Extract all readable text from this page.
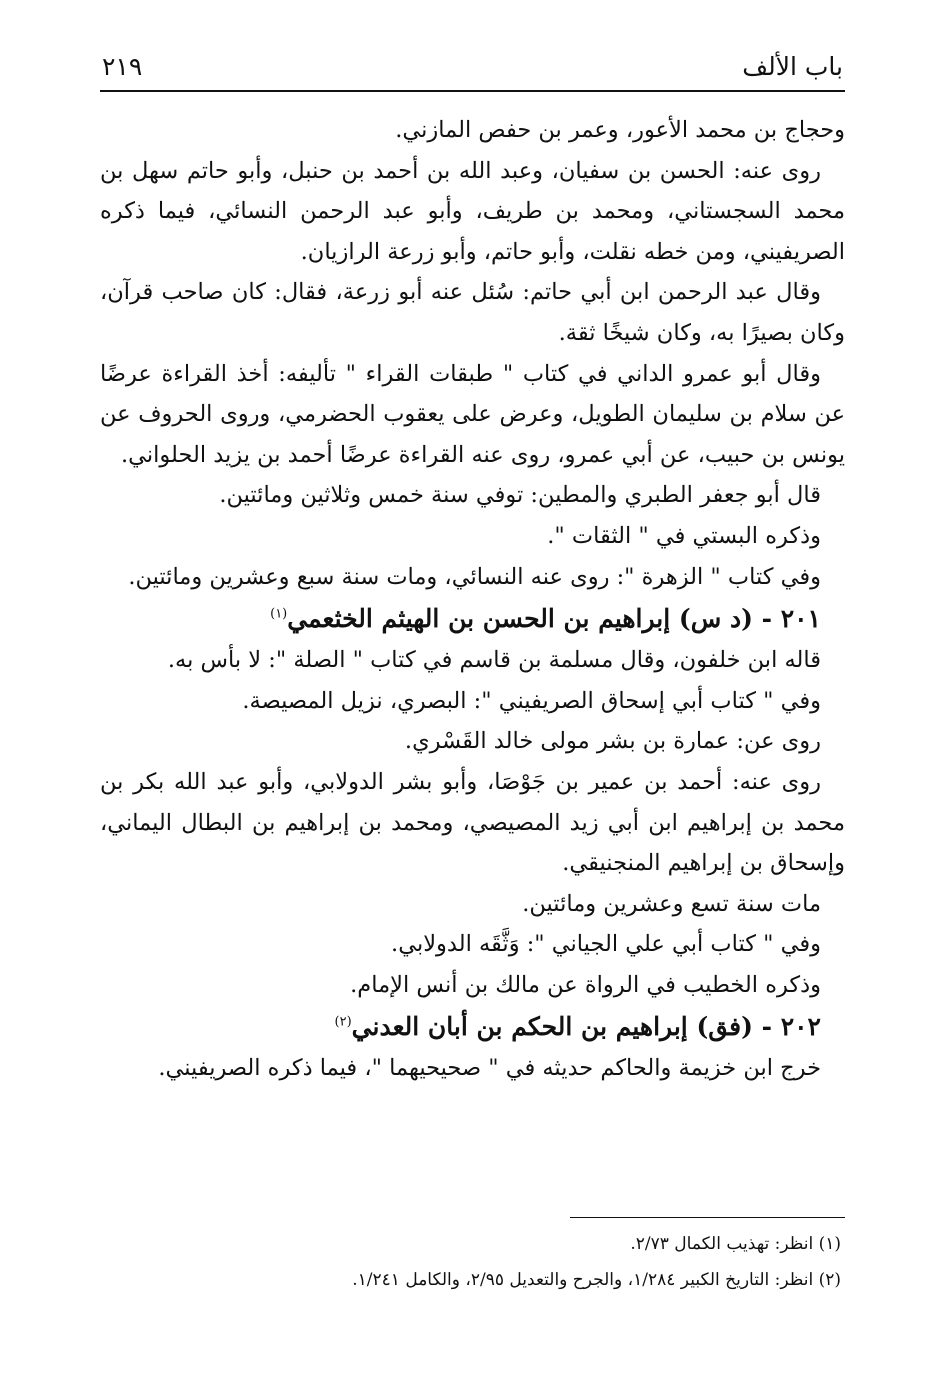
باب الألف
٢١٩

وحجاج بن محمد الأعور، وعمر بن حفص المازني.

روى عنه: الحسن بن سفيان، وعبد الله بن أحمد بن حنبل، وأبو حاتم سهل بن محمد السجستاني، ومحمد بن طريف، وأبو عبد الرحمن النسائي، فيما ذكره الصريفيني، ومن خطه نقلت، وأبو حاتم، وأبو زرعة الرازيان.

وقال عبد الرحمن ابن أبي حاتم: سُئل عنه أبو زرعة، فقال: كان صاحب قرآن، وكان بصيرًا به، وكان شيخًا ثقة.

وقال أبو عمرو الداني في كتاب " طبقات القراء " تأليفه: أخذ القراءة عرضًا عن سلام بن سليمان الطويل، وعرض على يعقوب الحضرمي، وروى الحروف عن يونس بن حبيب، عن أبي عمرو، روى عنه القراءة عرضًا أحمد بن يزيد الحلواني.

قال أبو جعفر الطبري والمطين: توفي سنة خمس وثلاثين ومائتين.

وذكره البستي في " الثقات ".

وفي كتاب " الزهرة ": روى عنه النسائي، ومات سنة سبع وعشرين ومائتين.

٢٠١ - (د س) إبراهيم بن الحسن بن الهيثم الخثعمي$^{(١)}$

قاله ابن خلفون، وقال مسلمة بن قاسم في كتاب " الصلة ": لا بأس به.

وفي " كتاب أبي إسحاق الصريفيني ": البصري، نزيل المصيصة.

روى عن: عمارة بن بشر مولى خالد القَسْري.

روى عنه: أحمد بن عمير بن جَوْصَا، وأبو بشر الدولابي، وأبو عبد الله بكر بن محمد بن إبراهيم ابن أبي زيد المصيصي، ومحمد بن إبراهيم بن البطال اليماني، وإسحاق بن إبراهيم المنجنيقي.

مات سنة تسع وعشرين ومائتين.

وفي " كتاب أبي علي الجياني ": وَثَّقَه الدولابي.

وذكره الخطيب في الرواة عن مالك بن أنس الإمام.

٢٠٢ - (فق) إبراهيم بن الحكم بن أبان العدني$^{(٢)}$

خرج ابن خزيمة والحاكم حديثه في " صحيحيهما "، فيما ذكره الصريفيني.

(١) انظر: تهذيب الكمال ٢/٧٣.

(٢) انظر: التاريخ الكبير ١/٢٨٤، والجرح والتعديل ٢/٩٥، والكامل ١/٢٤١.
